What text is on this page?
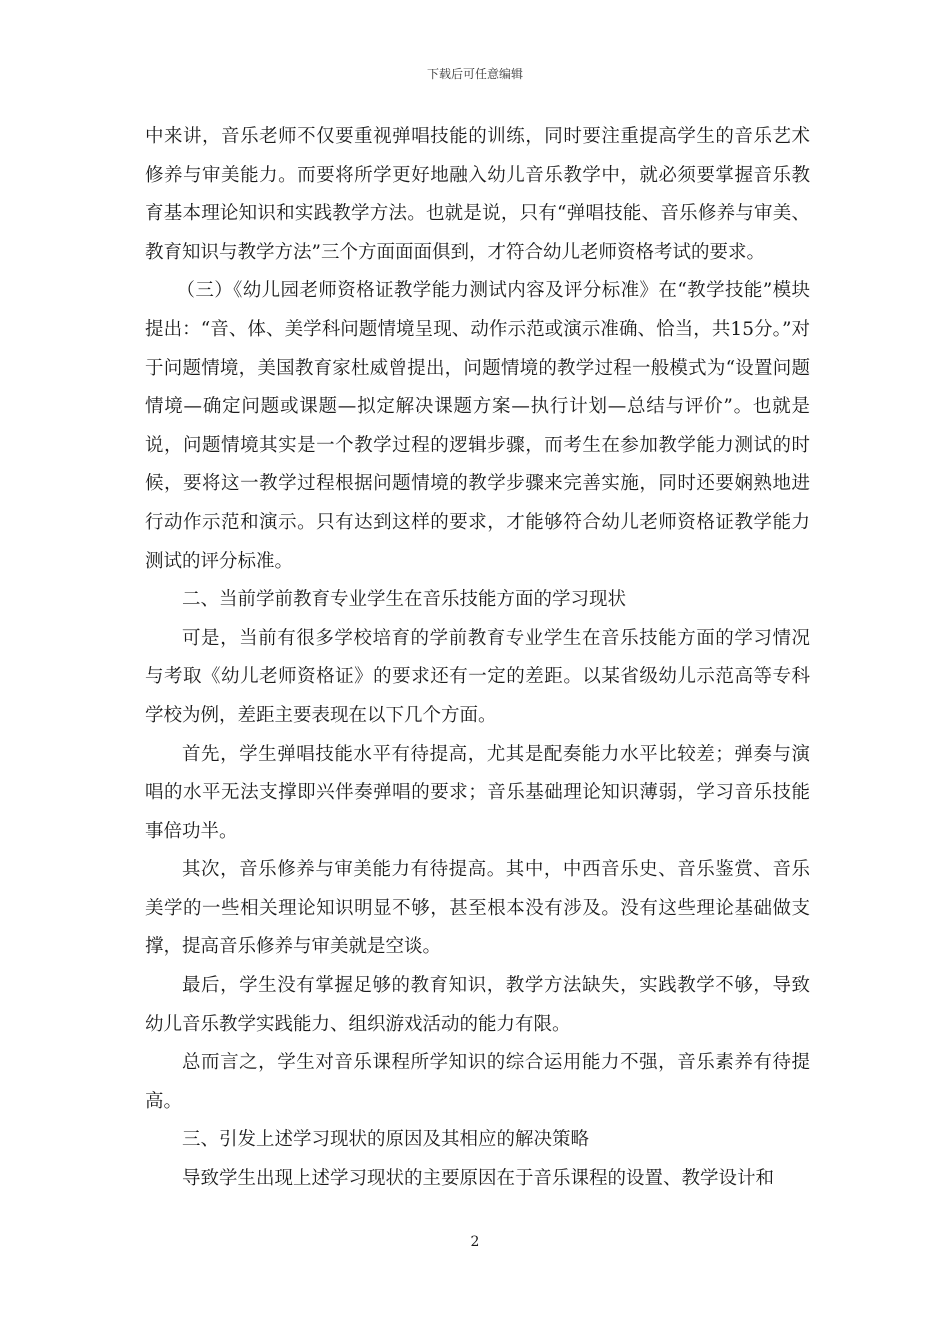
下载后可任意编辑

中来讲，音乐老师不仅要重视弹唱技能的训练，同时要注重提高学生的音乐艺术修养与审美能力。而要将所学更好地融入幼儿音乐教学中，就必须要掌握音乐教育基本理论知识和实践教学方法。也就是说，只有“弹唱技能、音乐修养与审美、教育知识与教学方法”三个方面面面俱到，才符合幼儿老师资格考试的要求。

（三）《幼儿园老师资格证教学能力测试内容及评分标准》在“教学技能”模块提出：“音、体、美学科问题情境呈现、动作示范或演示准确、恰当，共15分。”对于问题情境，美国教育家杜威曾提出，问题情境的教学过程一般模式为“设置问题情境—确定问题或课题—拟定解决课题方案—执行计划—总结与评价”。也就是说，问题情境其实是一个教学过程的逻辑步骤，而考生在参加教学能力测试的时候，要将这一教学过程根据问题情境的教学步骤来完善实施，同时还要娴熟地进行动作示范和演示。只有达到这样的要求，才能够符合幼儿老师资格证教学能力测试的评分标准。

二、当前学前教育专业学生在音乐技能方面的学习现状

可是，当前有很多学校培育的学前教育专业学生在音乐技能方面的学习情况与考取《幼儿老师资格证》的要求还有一定的差距。以某省级幼儿示范高等专科学校为例，差距主要表现在以下几个方面。

首先，学生弹唱技能水平有待提高，尤其是配奏能力水平比较差；弹奏与演唱的水平无法支撑即兴伴奏弹唱的要求；音乐基础理论知识薄弱，学习音乐技能事倍功半。

其次，音乐修养与审美能力有待提高。其中，中西音乐史、音乐鉴赏、音乐美学的一些相关理论知识明显不够，甚至根本没有涉及。没有这些理论基础做支撑，提高音乐修养与审美就是空谈。

最后，学生没有掌握足够的教育知识，教学方法缺失，实践教学不够，导致幼儿音乐教学实践能力、组织游戏活动的能力有限。

总而言之，学生对音乐课程所学知识的综合运用能力不强，音乐素养有待提高。

三、引发上述学习现状的原因及其相应的解决策略

导致学生出现上述学习现状的主要原因在于音乐课程的设置、教学设计和

2
